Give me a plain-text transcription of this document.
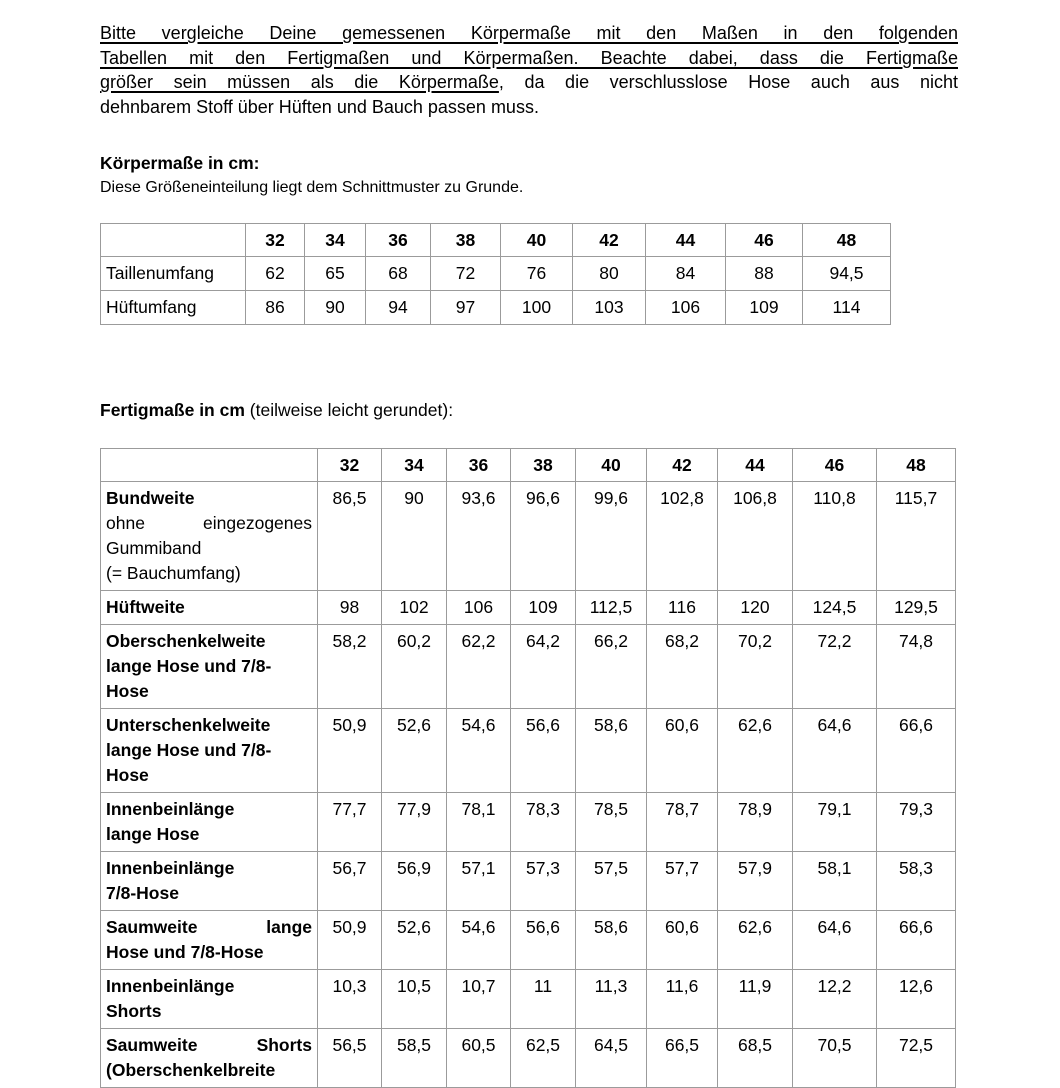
Bitte vergleiche Deine gemessenen Körpermaße mit den Maßen in den folgenden
Tabellen mit den Fertigmaßen und Körpermaßen. Beachte dabei, dass die Fertigmaße
größer sein müssen als die Körpermaße, da die verschlusslose Hose auch aus nicht
dehnbarem Stoff über Hüften und Bauch passen muss.
Körpermaße in cm:
Diese Größeneinteilung liegt dem Schnittmuster zu Grunde.
	32	34	36	38	40	42	44	46	48

Taillenumfang	62	65	68	72	76	80	84	88	94,5

Hüftumfang	86	90	94	97	100	103	106	109	114
Fertigmaße in cm (teilweise leicht gerundet):
	32	34	36	38	40	42	44	46	48

Bundweite
ohne eingezogenes
Gummiband
(= Bauchumfang)	86,5	90	93,6	96,6	99,6	102,8	106,8	110,8	115,7

Hüftweite	98	102	106	109	112,5	116	120	124,5	129,5

Oberschenkelweite
lange Hose und 7/8-
Hose	58,2	60,2	62,2	64,2	66,2	68,2	70,2	72,2	74,8

Unterschenkelweite
lange Hose und 7/8-
Hose	50,9	52,6	54,6	56,6	58,6	60,6	62,6	64,6	66,6

Innenbeinlänge
lange Hose	77,7	77,9	78,1	78,3	78,5	78,7	78,9	79,1	79,3

Innenbeinlänge
7/8-Hose	56,7	56,9	57,1	57,3	57,5	57,7	57,9	58,1	58,3

Saumweite lange
Hose und 7/8-Hose	50,9	52,6	54,6	56,6	58,6	60,6	62,6	64,6	66,6

Innenbeinlänge
Shorts	10,3	10,5	10,7	11	11,3	11,6	11,9	12,2	12,6

Saumweite Shorts
(Oberschenkelbreite	56,5	58,5	60,5	62,5	64,5	66,5	68,5	70,5	72,5
